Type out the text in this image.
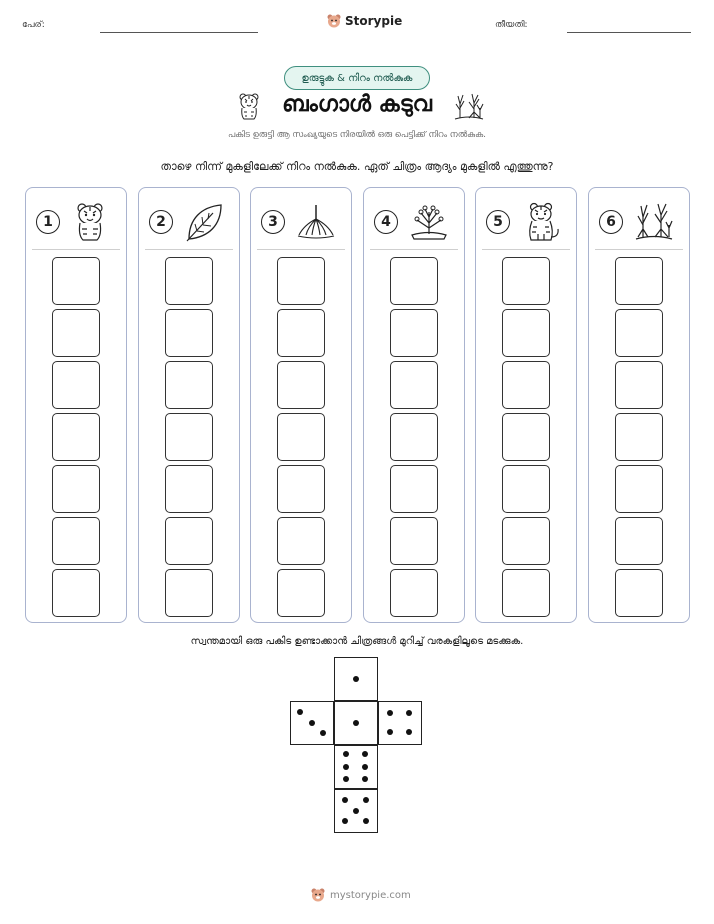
പേര്:	Storypie	തീയതി:
ഉരുട്ടുക & നിറം നൽകുക
ബംഗാൾ കടുവ
പകിട ഉരുട്ടി ആ സംഖ്യയുടെ നിരയിൽ ഒരു പെട്ടിക്ക് നിറം നൽകുക.
താഴെ നിന്ന് മുകളിലേക്ക് നിറം നൽകുക. ഏത് ചിത്രം ആദ്യം മുകളിൽ എത്തുന്നു?
1	2	3	4	5	6
സ്വന്തമായി ഒരു പകിട ഉണ്ടാക്കാൻ ചിത്രങ്ങൾ മുറിച്ച് വരകളിലൂടെ മടക്കുക.
mystorypie.com
